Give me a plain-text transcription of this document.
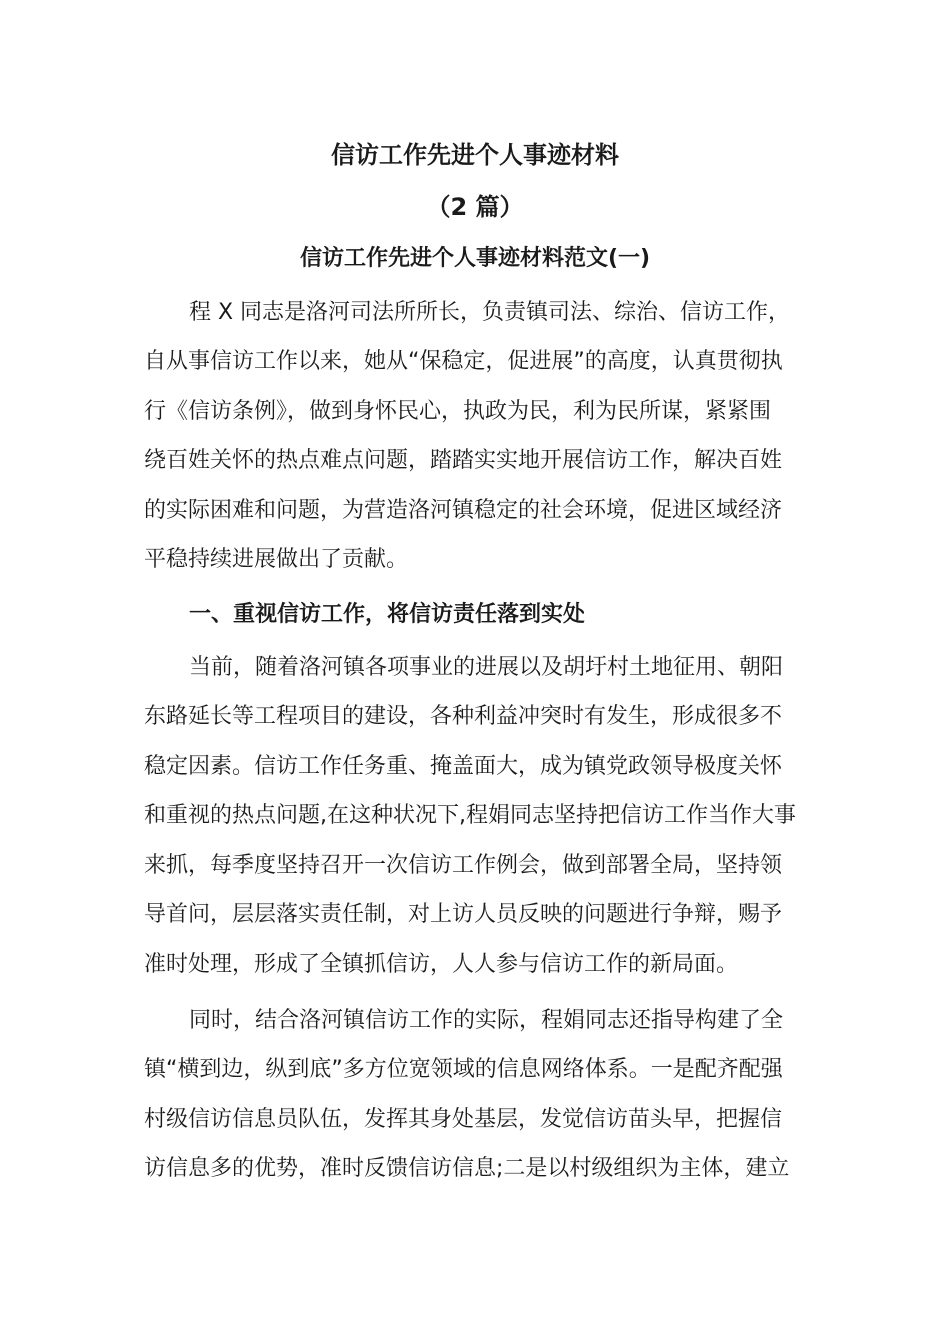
信访工作先进个人事迹材料
（2 篇）
信访工作先进个人事迹材料范文(一)

程 X 同志是洛河司法所所长，负责镇司法、综治、信访工作，

自从事信访工作以来，她从“保稳定，促进展”的高度，认真贯彻执

行《信访条例》，做到身怀民心，执政为民，利为民所谋，紧紧围

绕百姓关怀的热点难点问题，踏踏实实地开展信访工作，解决百姓

的实际困难和问题，为营造洛河镇稳定的社会环境，促进区域经济

平稳持续进展做出了贡献。

一、重视信访工作，将信访责任落到实处

当前，随着洛河镇各项事业的进展以及胡圩村土地征用、朝阳

东路延长等工程项目的建设，各种利益冲突时有发生，形成很多不

稳定因素。信访工作任务重、掩盖面大，成为镇党政领导极度关怀

和重视的热点问题,在这种状况下,程娟同志坚持把信访工作当作大事

来抓，每季度坚持召开一次信访工作例会，做到部署全局，坚持领

导首问，层层落实责任制，对上访人员反映的问题进行争辩，赐予

准时处理，形成了全镇抓信访，人人参与信访工作的新局面。

同时，结合洛河镇信访工作的实际，程娟同志还指导构建了全

镇“横到边，纵到底”多方位宽领域的信息网络体系。一是配齐配强

村级信访信息员队伍，发挥其身处基层，发觉信访苗头早，把握信

访信息多的优势，准时反馈信访信息;二是以村级组织为主体，建立
